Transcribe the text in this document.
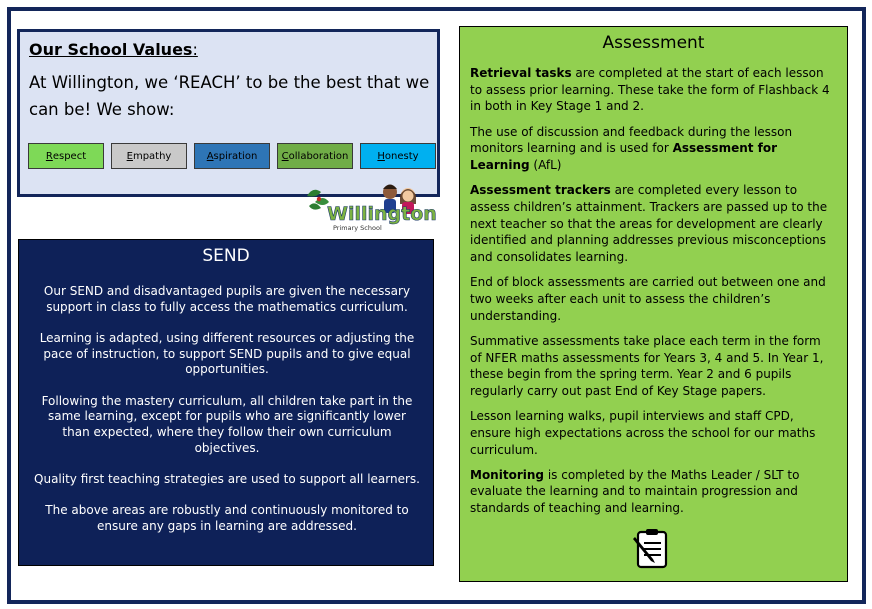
Our School Values:
At Willington, we ‘REACH’ to be the best that we can be! We show:
R espect	E mpathy	A spiration C ollaboration	H onesty
Willington
Primary School
SEND

Our SEND and disadvantaged pupils are given the necessary support in class to fully access the mathematics curriculum.

Learning is adapted, using different resources or adjusting the pace of instruction, to support SEND pupils and to give equal opportunities.

Following the mastery curriculum, all children take part in the same learning, except for pupils who are significantly lower than expected, where they follow their own curriculum objectives.

Quality first teaching strategies are used to support all learners.

The above areas are robustly and continuously monitored to ensure any gaps in learning are addressed.

Assessment

Retrieval tasks are completed at the start of each lesson to assess prior learning. These take the form of Flashback 4 in both in Key Stage 1 and 2.

The use of discussion and feedback during the lesson monitors learning and is used for Assessment for Learning (AfL)

Assessment trackers are completed every lesson to assess children’s attainment. Trackers are passed up to the next teacher so that the areas for development are clearly identified and planning addresses previous misconceptions and consolidates learning.

End of block assessments are carried out between one and two weeks after each unit to assess the children’s understanding.

Summative assessments take place each term in the form of NFER maths assessments for Years 3, 4 and 5. In Year 1, these begin from the spring term. Year 2 and 6 pupils regularly carry out past End of Key Stage papers.

Lesson learning walks, pupil interviews and staff CPD, ensure high expectations across the school for our maths curriculum.

Monitoring is completed by the Maths Leader / SLT to evaluate the learning and to maintain progression and standards of teaching and learning.
